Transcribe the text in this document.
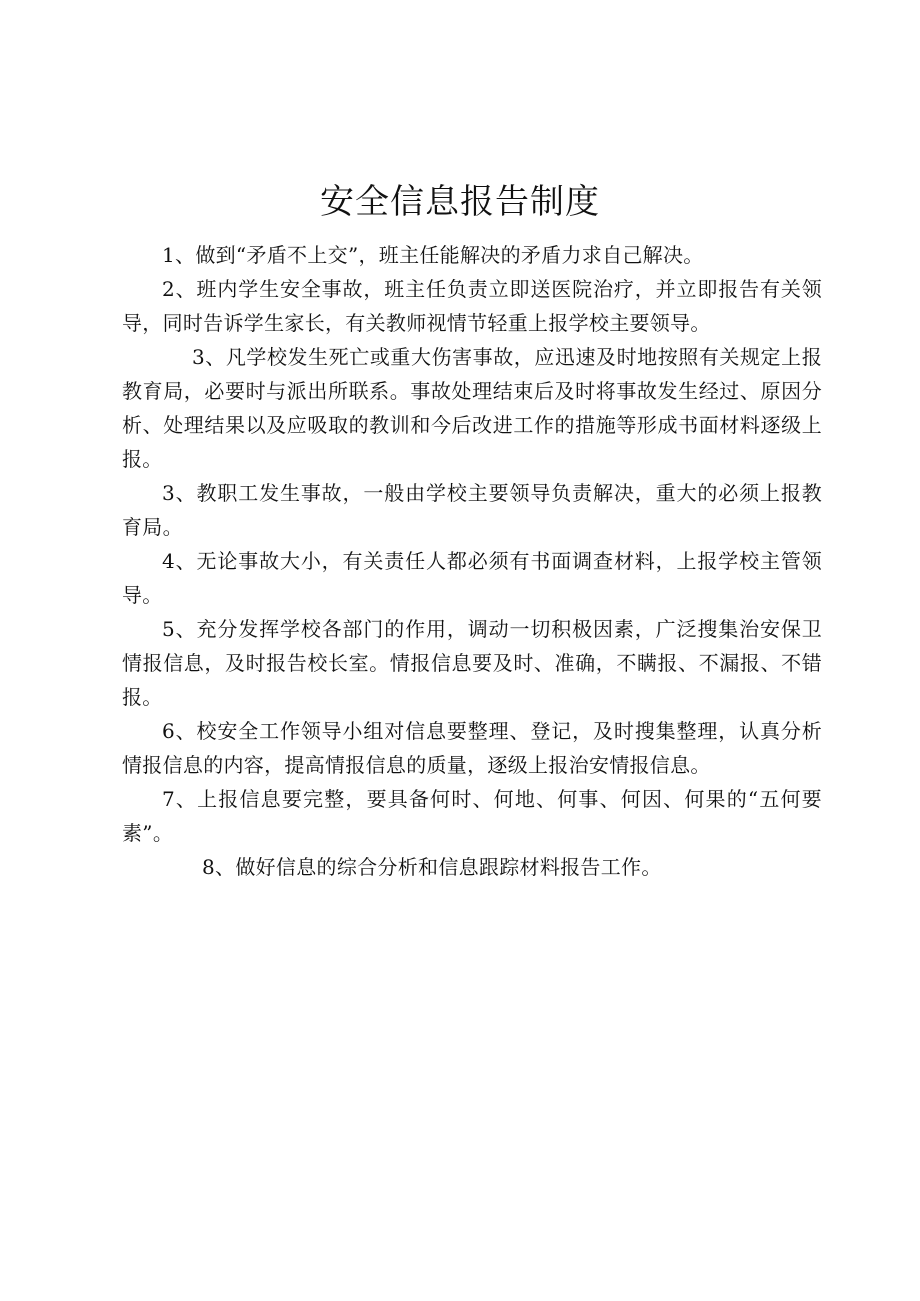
安全信息报告制度

1、做到“矛盾不上交”，班主任能解决的矛盾力求自己解决。

2、班内学生安全事故，班主任负责立即送医院治疗，并立即报告有关领导，同时告诉学生家长，有关教师视情节轻重上报学校主要领导。

3、凡学校发生死亡或重大伤害事故，应迅速及时地按照有关规定上报教育局，必要时与派出所联系。事故处理结束后及时将事故发生经过、原因分析、处理结果以及应吸取的教训和今后改进工作的措施等形成书面材料逐级上报。

3、教职工发生事故，一般由学校主要领导负责解决，重大的必须上报教育局。

4、无论事故大小，有关责任人都必须有书面调查材料，上报学校主管领导。

5、充分发挥学校各部门的作用，调动一切积极因素，广泛搜集治安保卫情报信息，及时报告校长室。情报信息要及时、准确，不瞒报、不漏报、不错报。

6、校安全工作领导小组对信息要整理、登记，及时搜集整理，认真分析情报信息的内容，提高情报信息的质量，逐级上报治安情报信息。

7、上报信息要完整，要具备何时、何地、何事、何因、何果的“五何要素”。

8、做好信息的综合分析和信息跟踪材料报告工作。
